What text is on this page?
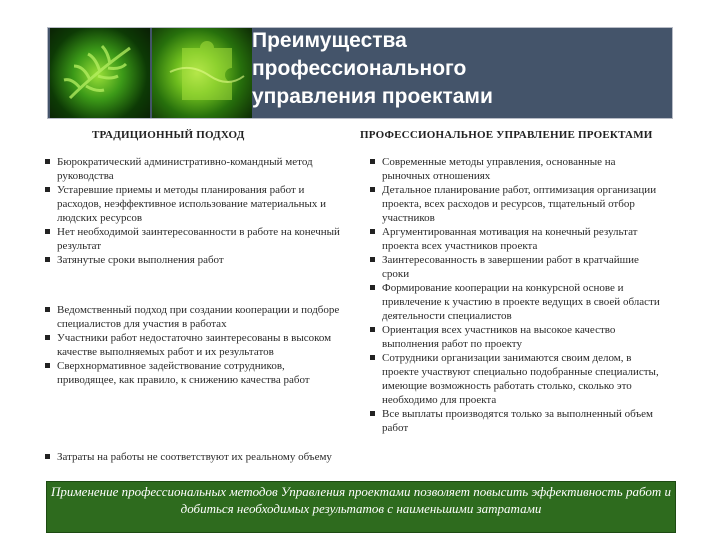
Преимущества
профессионального
управления проектами
ТРАДИЦИОННЫЙ ПОДХОД	ПРОФЕССИОНАЛЬНОЕ УПРАВЛЕНИЕ ПРОЕКТАМИ
Бюрократический административно-командный метод руководства
Устаревшие приемы и методы планирования работ и расходов, неэффективное использование материальных и людских ресурсов
Нет необходимой заинтересованности в работе на конечный результат
Затянутые сроки выполнения работ
Ведомственный подход при создании кооперации и подборе специалистов для участия в работах
Участники работ недостаточно заинтересованы в высоком качестве выполняемых работ и их результатов
Сверхнормативное задействование сотрудников, приводящее, как правило, к снижению качества работ
Затраты на работы не соответствуют их реальному объему
Современные методы управления, основанные на рыночных отношениях
Детальное планирование работ, оптимизация организации проекта, всех расходов и ресурсов, тщательный отбор участников
Аргументированная мотивация на конечный результат проекта всех участников проекта
Заинтересованность в завершении работ в кратчайшие сроки
Формирование кооперации на конкурсной основе и привлечение к участию в проекте ведущих в своей области деятельности специалистов
Ориентация всех участников на высокое качество выполнения работ по проекту
Сотрудники организации занимаются своим делом, в проекте участвуют специально подобранные специалисты, имеющие возможность работать столько, сколько это необходимо для проекта
Все выплаты производятся только за выполненный объем работ
Применение профессиональных методов Управления проектами позволяет повысить эффективность работ и добиться необходимых результатов с наименьшими затратами
